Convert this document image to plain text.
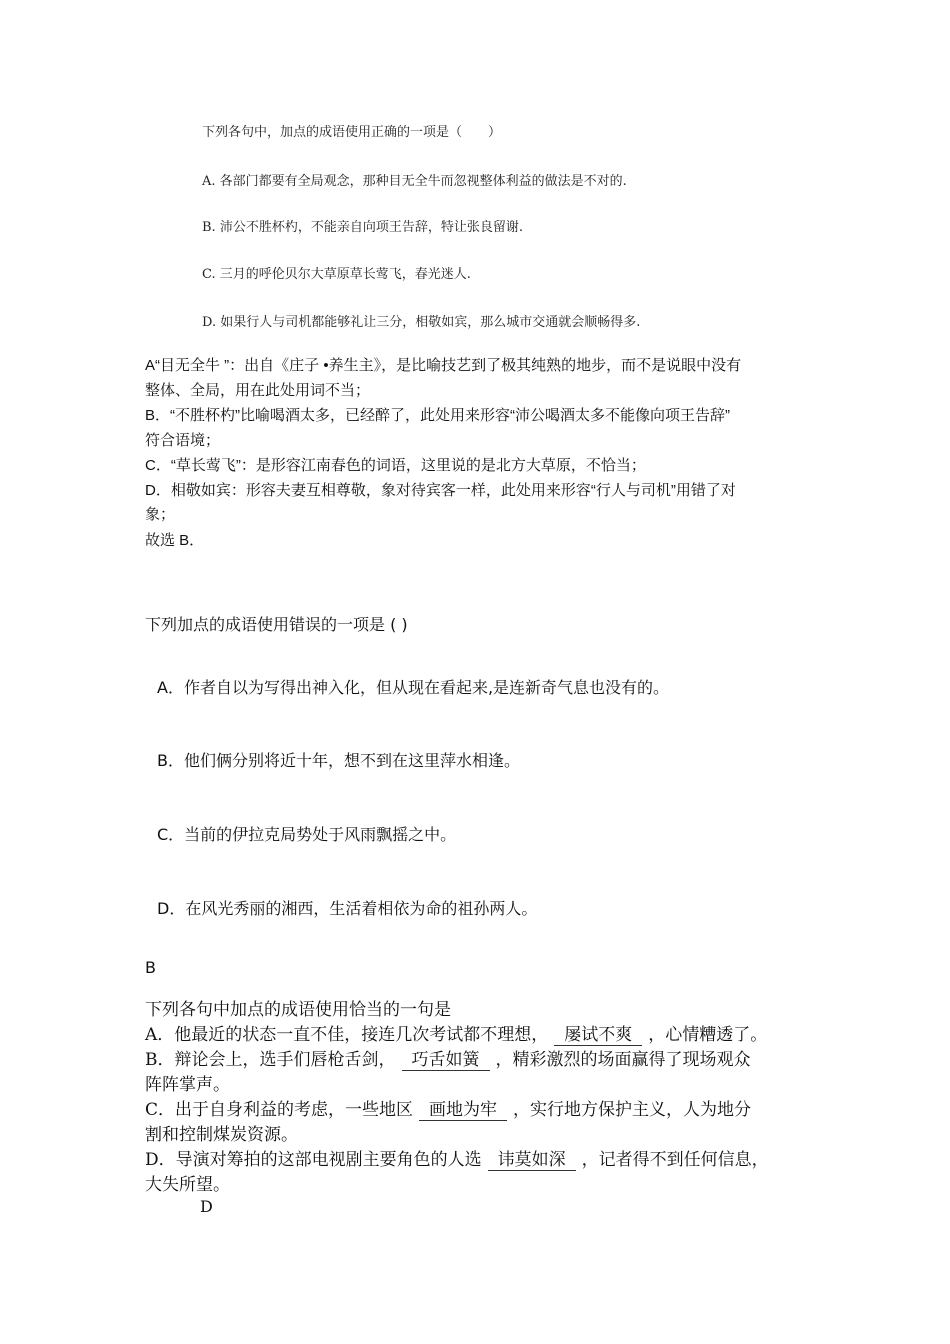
下列各句中，加点的成语使用正确的一项是（　　）
A. 各部门都要有全局观念，那种目无全牛而忽视整体利益的做法是不对的.
B. 沛公不胜杯杓，不能亲自向项王告辞，特让张良留谢.
C. 三月的呼伦贝尔大草原草长莺飞，春光迷人.
D. 如果行人与司机都能够礼让三分，相敬如宾，那么城市交通就会顺畅得多.
A“目无全牛 ”：出自《庄子 •养生主》，是比喻技艺到了极其纯熟的地步，而不是说眼中没有
整体、全局，用在此处用词不当；
B．“不胜杯杓”比喻喝酒太多，已经醉了，此处用来形容“沛公喝酒太多不能像向项王告辞”
符合语境；
C．“草长莺飞”：是形容江南春色的词语，这里说的是北方大草原，不恰当；
D．相敬如宾：形容夫妻互相尊敬，象对待宾客一样，此处用来形容“行人与司机”用错了对
象；
故选 B．
下列加点的成语使用错误的一项是 ( )
A．作者自以为写得出神入化，但从现在看起来,是连新奇气息也没有的。
B．他们俩分别将近十年，想不到在这里萍水相逢。
C．当前的伊拉克局势处于风雨飘摇之中。
D．在风光秀丽的湘西，生活着相依为命的祖孙两人。
B
下列各句中加点的成语使用恰当的一句是
A．他最近的状态一直不佳，接连几次考试都不理想， 屡试不爽 ，心情糟透了。
B．辩论会上，选手们唇枪舌剑， 巧舌如簧 ，精彩激烈的场面赢得了现场观众
阵阵掌声。
C．出于自身利益的考虑，一些地区 画地为牢 ，实行地方保护主义，人为地分
割和控制煤炭资源。
D．导演对筹拍的这部电视剧主要角色的人选 讳莫如深 ，记者得不到任何信息，
大失所望。
D
